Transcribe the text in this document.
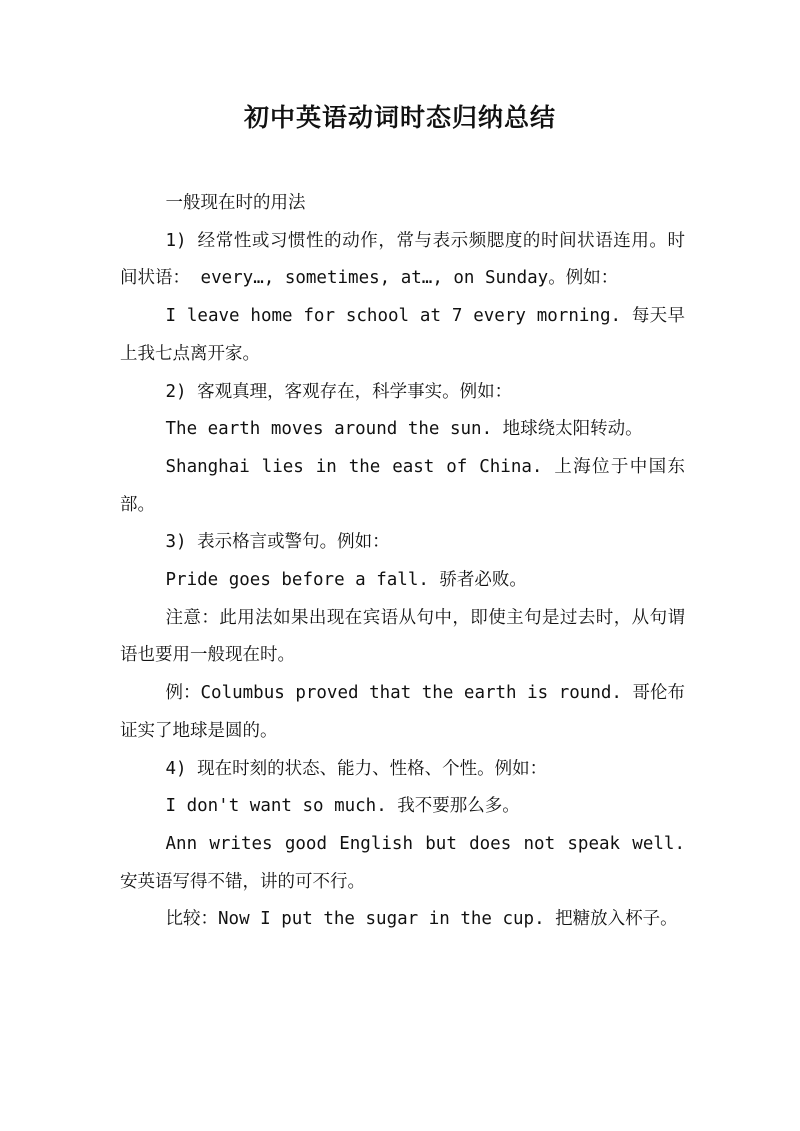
初中英语动词时态归纳总结

一般现在时的用法

1) 经常性或习惯性的动作，常与表示频腮度的时间状语连用。时间状语： every…, sometimes, at…, on Sunday。例如：

I leave home for school at 7 every morning. 每天早上我七点离开家。

2) 客观真理，客观存在，科学事实。例如：

The earth moves around the sun. 地球绕太阳转动。

Shanghai lies in the east of China. 上海位于中国东部。

3) 表示格言或警句。例如：

Pride goes before a fall. 骄者必败。

注意：此用法如果出现在宾语从句中，即使主句是过去时，从句谓语也要用一般现在时。

例：Columbus proved that the earth is round. 哥伦布证实了地球是圆的。

4) 现在时刻的状态、能力、性格、个性。例如：

I don't want so much. 我不要那么多。

Ann writes good English but does not speak well. 安英语写得不错，讲的可不行。

比较：Now I put the sugar in the cup. 把糖放入杯子。
